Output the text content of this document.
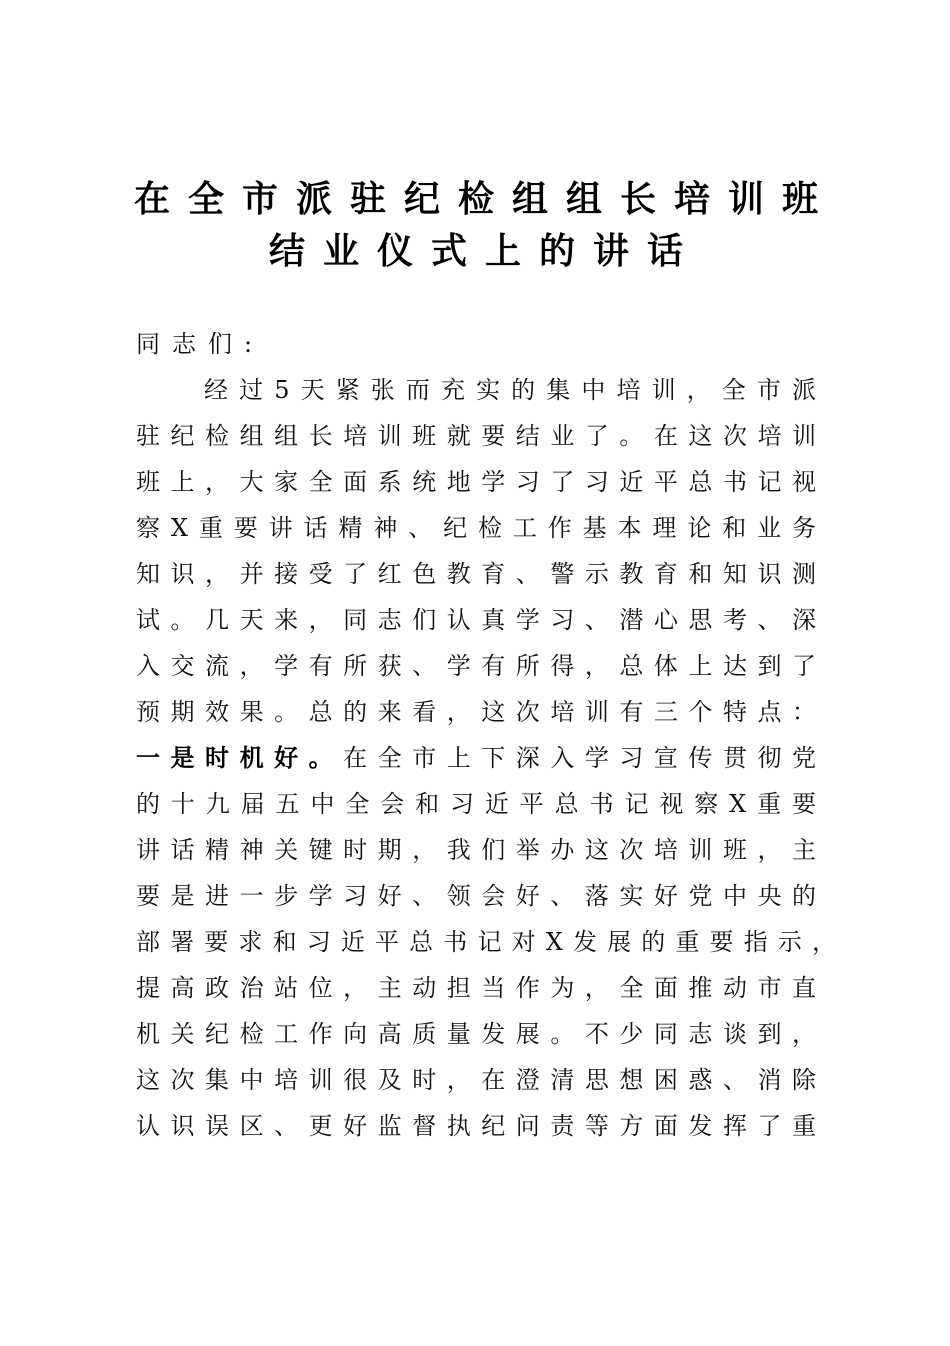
在全市派驻纪检组组长培训班
结业仪式上的讲话
同志们:
经过5天紧张而充实的集中培训，全市派
驻纪检组组长培训班就要结业了。在这次培训
班上，大家全面系统地学习了习近平总书记视
察X重要讲话精神、纪检工作基本理论和业务
知识，并接受了红色教育、警示教育和知识测
试。几天来，同志们认真学习、潜心思考、深
入交流，学有所获、学有所得，总体上达到了
预期效果。总的来看，这次培训有三个特点：
一是时机好。在全市上下深入学习宣传贯彻党
的十九届五中全会和习近平总书记视察X重要
讲话精神关键时期，我们举办这次培训班，主
要是进一步学习好、领会好、落实好党中央的
部署要求和习近平总书记对X发展的重要指示，
提高政治站位，主动担当作为，全面推动市直
机关纪检工作向高质量发展。不少同志谈到，
这次集中培训很及时，在澄清思想困惑、消除
认识误区、更好监督执纪问责等方面发挥了重
